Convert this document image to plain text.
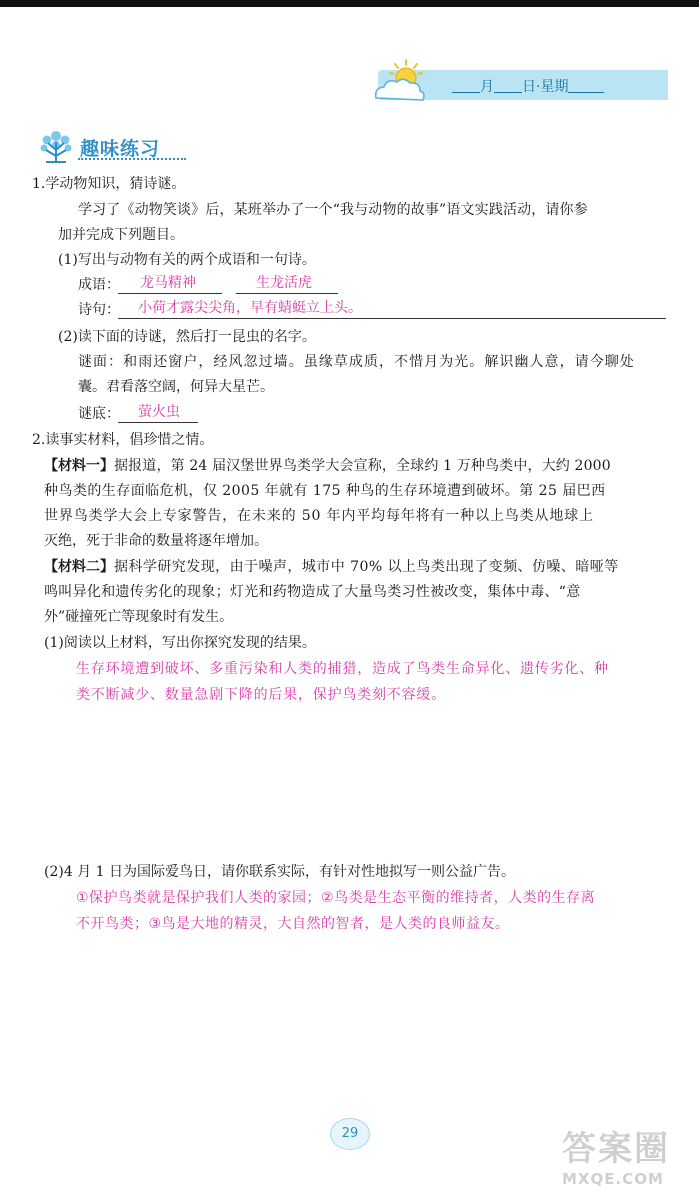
月 日·星期
趣味练习
1.学动物知识，猜诗谜。
学习了《动物笑谈》后，某班举办了一个“我与动物的故事”语文实践活动，请你参
加并完成下列题目。
(1)写出与动物有关的两个成语和一句诗。
成语： 龙马精神	生龙活虎
诗句： 小荷才露尖尖角，早有蜻蜓立上头。
(2)读下面的诗谜，然后打一昆虫的名字。
谜面：和雨还窗户，经风忽过墙。虽缘草成质，不惜月为光。解识幽人意，请今聊处
囊。君看落空阔，何异大星芒。
谜底： 萤火虫
2.读事实材料，倡珍惜之情。
【材料一】据报道，第 24 届汉堡世界鸟类学大会宣称，全球约 1 万种鸟类中，大约 2000
种鸟类的生存面临危机，仅 2005 年就有 175 种鸟的生存环境遭到破坏。第 25 届巴西
世界鸟类学大会上专家警告，在未来的 50 年内平均每年将有一种以上鸟类从地球上
灭绝，死于非命的数量将逐年增加。
【材料二】据科学研究发现，由于噪声，城市中 70% 以上鸟类出现了变频、仿噪、暗哑等
鸣叫异化和遗传劣化的现象；灯光和药物造成了大量鸟类习性被改变，集体中毒、“意
外”碰撞死亡等现象时有发生。
(1)阅读以上材料，写出你探究发现的结果。
生存环境遭到破坏、多重污染和人类的捕猎，造成了鸟类生命异化、遗传劣化、种
类不断减少、数量急剧下降的后果，保护鸟类刻不容缓。
(2)4 月 1 日为国际爱鸟日，请你联系实际，有针对性地拟写一则公益广告。
①保护鸟类就是保护我们人类的家园；②鸟类是生态平衡的维持者，人类的生存离
不开鸟类；③鸟是大地的精灵，大自然的智者，是人类的良师益友。
29	答案圈
MXQE.COM
